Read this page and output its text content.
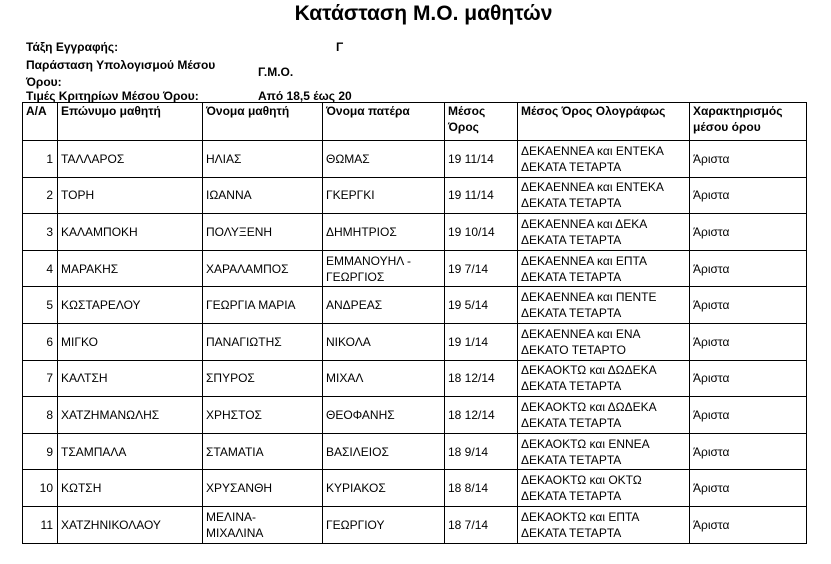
Κατάσταση Μ.Ο. μαθητών
Τάξη Εγγραφής:	Γ
Παράσταση Υπολογισμού Μέσου
Όρου:
Γ.Μ.Ο.
Τιμές Κριτηρίων Μέσου Όρου:	Από 18,5 έως 20
Α/Α	Επώνυμο μαθητή	Όνομα μαθητή	Όνομα πατέρα	Μέσος
Όρος	Μέσος Όρος Ολογράφως	Χαρακτηρισμός
μέσου όρου
1	ΤΑΛΛΑΡΟΣ	ΗΛΙΑΣ	ΘΩΜΑΣ	19 11/14	ΔΕΚΑΕΝΝΕΑ και ΕΝΤΕΚΑ
ΔΕΚΑΤΑ ΤΕΤΑΡΤΑ	Άριστα
2	ΤΟΡΗ	ΙΩΑΝΝΑ	ΓΚΕΡΓΚΙ	19 11/14	ΔΕΚΑΕΝΝΕΑ και ΕΝΤΕΚΑ
ΔΕΚΑΤΑ ΤΕΤΑΡΤΑ	Άριστα
3	ΚΑΛΑΜΠΟΚΗ	ΠΟΛΥΞΕΝΗ	ΔΗΜΗΤΡΙΟΣ	19 10/14	ΔΕΚΑΕΝΝΕΑ και ΔΕΚΑ
ΔΕΚΑΤΑ ΤΕΤΑΡΤΑ	Άριστα
4	ΜΑΡΑΚΗΣ	ΧΑΡΑΛΑΜΠΟΣ	ΕΜΜΑΝΟΥΗΛ -
ΓΕΩΡΓΙΟΣ	19 7/14	ΔΕΚΑΕΝΝΕΑ και ΕΠΤΑ
ΔΕΚΑΤΑ ΤΕΤΑΡΤΑ	Άριστα
5	ΚΩΣΤΑΡΕΛΟΥ	ΓΕΩΡΓΙΑ ΜΑΡΙΑ	ΑΝΔΡΕΑΣ	19 5/14	ΔΕΚΑΕΝΝΕΑ και ΠΕΝΤΕ
ΔΕΚΑΤΑ ΤΕΤΑΡΤΑ	Άριστα
6	ΜΙΓΚΟ	ΠΑΝΑΓΙΩΤΗΣ	ΝΙΚΟΛΑ	19 1/14	ΔΕΚΑΕΝΝΕΑ και ΕΝΑ
ΔΕΚΑΤΟ ΤΕΤΑΡΤΟ	Άριστα
7	ΚΑΛΤΣΗ	ΣΠΥΡΟΣ	ΜΙΧΑΛ	18 12/14	ΔΕΚΑΟΚΤΩ και ΔΩΔΕΚΑ
ΔΕΚΑΤΑ ΤΕΤΑΡΤΑ	Άριστα
8	ΧΑΤΖΗΜΑΝΩΛΗΣ	ΧΡΗΣΤΟΣ	ΘΕΟΦΑΝΗΣ	18 12/14	ΔΕΚΑΟΚΤΩ και ΔΩΔΕΚΑ
ΔΕΚΑΤΑ ΤΕΤΑΡΤΑ	Άριστα
9	ΤΣΑΜΠΑΛΑ	ΣΤΑΜΑΤΙΑ	ΒΑΣΙΛΕΙΟΣ	18 9/14	ΔΕΚΑΟΚΤΩ και ΕΝΝΕΑ
ΔΕΚΑΤΑ ΤΕΤΑΡΤΑ	Άριστα
10	ΚΩΤΣΗ	ΧΡΥΣΑΝΘΗ	ΚΥΡΙΑΚΟΣ	18 8/14	ΔΕΚΑΟΚΤΩ και ΟΚΤΩ
ΔΕΚΑΤΑ ΤΕΤΑΡΤΑ	Άριστα
11	ΧΑΤΖΗΝΙΚΟΛΑΟΥ	ΜΕΛΙΝΑ-
ΜΙΧΑΛΙΝΑ	ΓΕΩΡΓΙΟΥ	18 7/14	ΔΕΚΑΟΚΤΩ και ΕΠΤΑ
ΔΕΚΑΤΑ ΤΕΤΑΡΤΑ	Άριστα
